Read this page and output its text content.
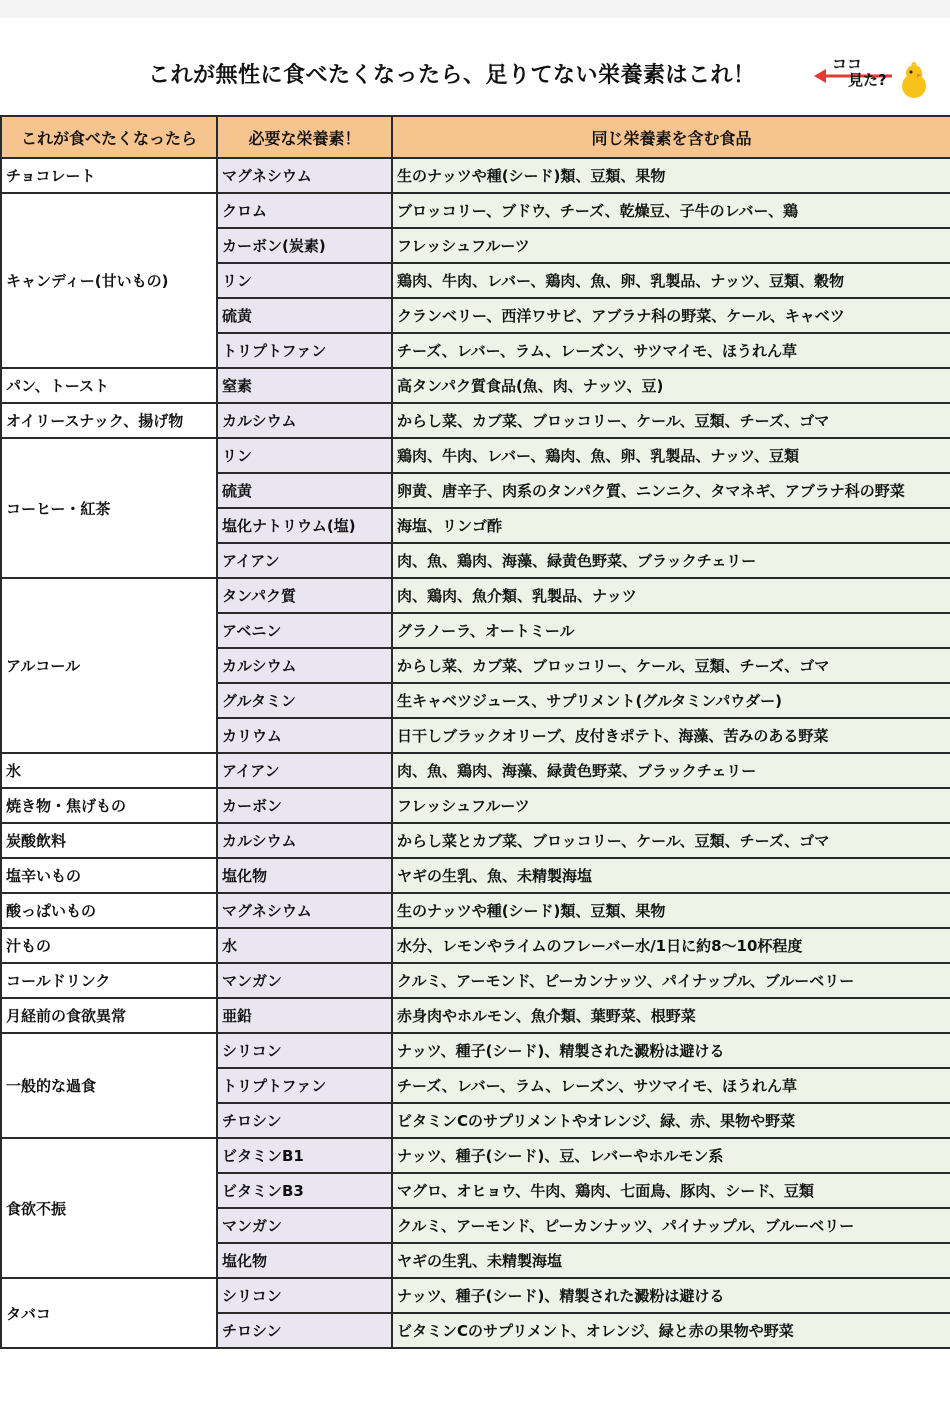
これが無性に食べたくなったら、足りてない栄養素はこれ！	ココ
見た?
これが食べたくなったら	必要な栄養素！	同じ栄養素を含む食品
チョコレート	マグネシウム	生のナッツや種(シード)類、豆類、果物
キャンディー(甘いもの)	クロム	ブロッコリー、ブドウ、チーズ、乾燥豆、子牛のレバー、鶏
	カーボン(炭素)	フレッシュフルーツ
	リン	鶏肉、牛肉、レバー、鶏肉、魚、卵、乳製品、ナッツ、豆類、穀物
	硫黄	クランベリー、西洋ワサビ、アブラナ科の野菜、ケール、キャベツ
	トリプトファン	チーズ、レバー、ラム、レーズン、サツマイモ、ほうれん草
パン、トースト	窒素	高タンパク質食品(魚、肉、ナッツ、豆)
オイリースナック、揚げ物	カルシウム	からし菜、カブ菜、ブロッコリー、ケール、豆類、チーズ、ゴマ
コーヒー・紅茶	リン	鶏肉、牛肉、レバー、鶏肉、魚、卵、乳製品、ナッツ、豆類
	硫黄	卵黄、唐辛子、肉系のタンパク質、ニンニク、タマネギ、アブラナ科の野菜
	塩化ナトリウム(塩)	海塩、リンゴ酢
	アイアン	肉、魚、鶏肉、海藻、緑黄色野菜、ブラックチェリー
アルコール	タンパク質	肉、鶏肉、魚介類、乳製品、ナッツ
	アベニン	グラノーラ、オートミール
	カルシウム	からし菜、カブ菜、ブロッコリー、ケール、豆類、チーズ、ゴマ
	グルタミン	生キャベツジュース、サプリメント(グルタミンパウダー)
	カリウム	日干しブラックオリーブ、皮付きポテト、海藻、苦みのある野菜
氷	アイアン	肉、魚、鶏肉、海藻、緑黄色野菜、ブラックチェリー
焼き物・焦げもの	カーボン	フレッシュフルーツ
炭酸飲料	カルシウム	からし菜とカブ菜、ブロッコリー、ケール、豆類、チーズ、ゴマ
塩辛いもの	塩化物	ヤギの生乳、魚、未精製海塩
酸っぱいもの	マグネシウム	生のナッツや種(シード)類、豆類、果物
汁もの	水	水分、レモンやライムのフレーバー水/1日に約8～10杯程度
コールドリンク	マンガン	クルミ、アーモンド、ピーカンナッツ、パイナップル、ブルーベリー
月経前の食欲異常	亜鉛	赤身肉やホルモン、魚介類、葉野菜、根野菜
一般的な過食	シリコン	ナッツ、種子(シード)、精製された澱粉は避ける
	トリプトファン	チーズ、レバー、ラム、レーズン、サツマイモ、ほうれん草
	チロシン	ビタミンCのサプリメントやオレンジ、緑、赤、果物や野菜
食欲不振	ビタミンB1	ナッツ、種子(シード)、豆、レバーやホルモン系
	ビタミンB3	マグロ、オヒョウ、牛肉、鶏肉、七面鳥、豚肉、シード、豆類
	マンガン	クルミ、アーモンド、ピーカンナッツ、パイナップル、ブルーベリー
	塩化物	ヤギの生乳、未精製海塩
タバコ	シリコン	ナッツ、種子(シード)、精製された澱粉は避ける
	チロシン	ビタミンCのサプリメント、オレンジ、緑と赤の果物や野菜
